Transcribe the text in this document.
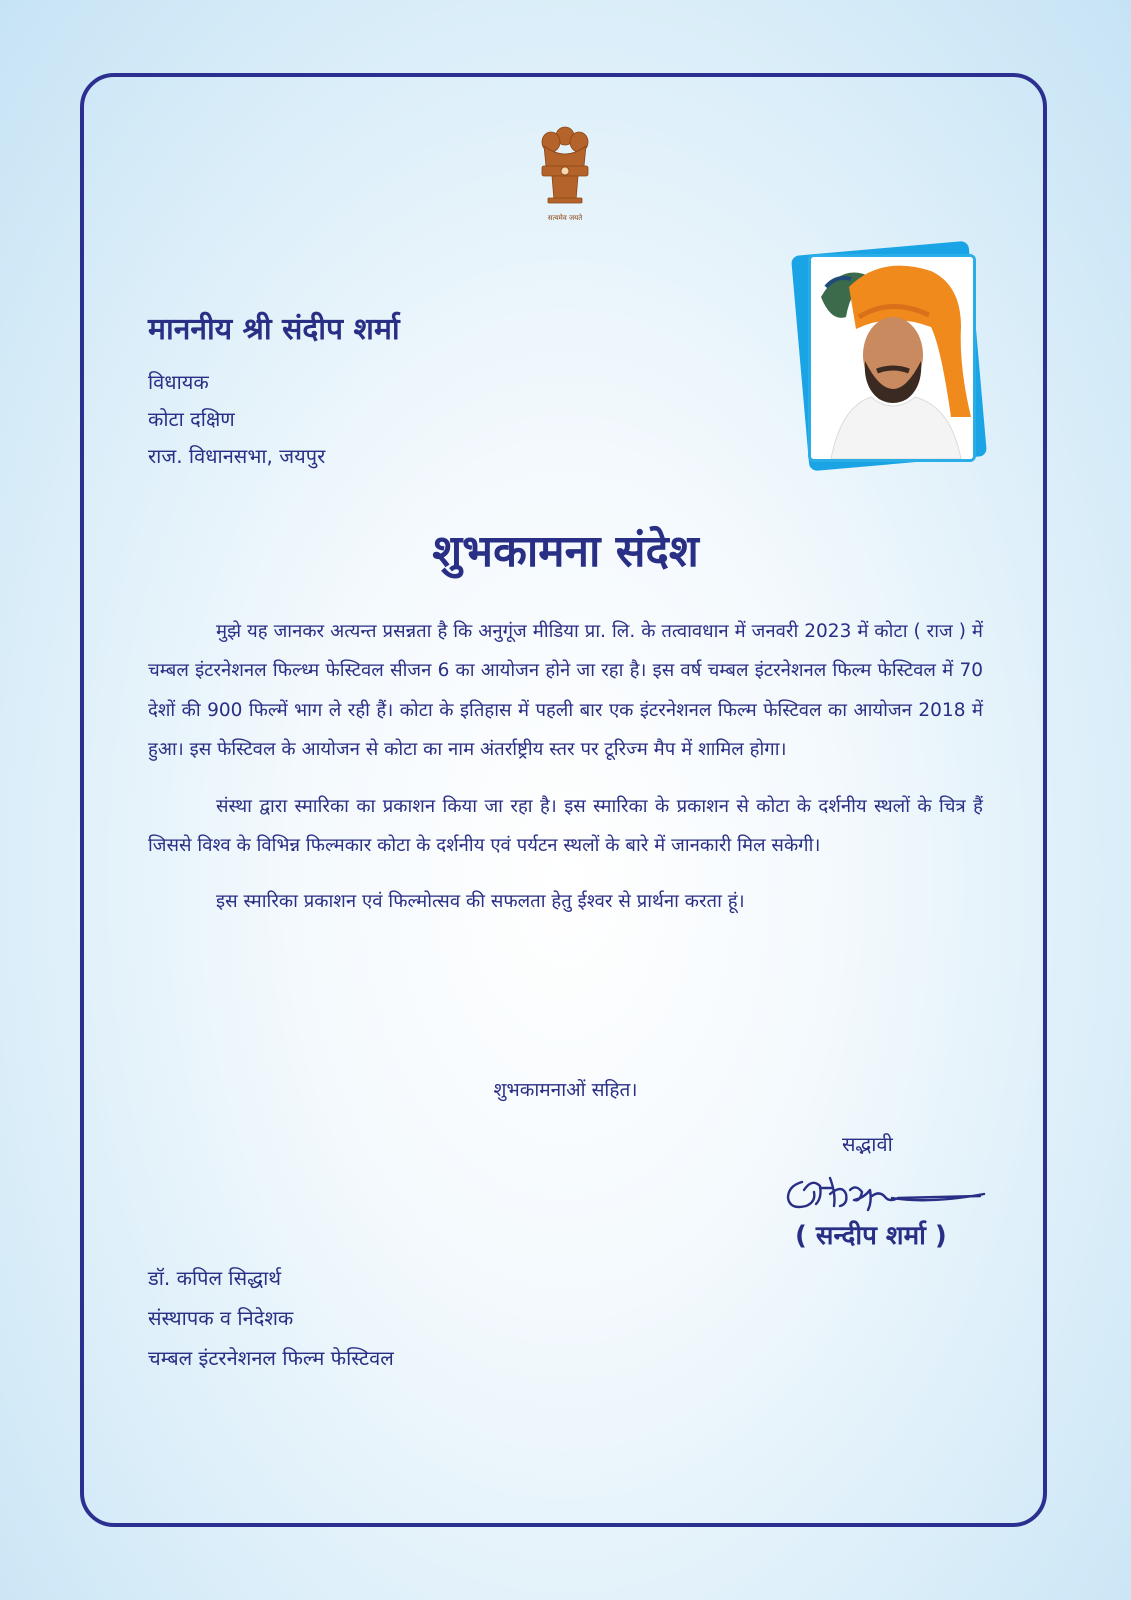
सत्यमेव जयते

माननीय श्री संदीप शर्मा

विधायक

कोटा दक्षिण

राज. विधानसभा, जयपुर

शुभकामना संदेश

मुझे यह जानकर अत्यन्त प्रसन्नता है कि अनुगूंज मीडिया प्रा. लि. के तत्वावधान में जनवरी 2023 में कोटा ( राज ) में चम्बल इंटरनेशनल फिल्ध्म फेस्टिवल सीजन 6 का आयोजन होने जा रहा है। इस वर्ष चम्बल इंटरनेशनल फिल्म फेस्टिवल में 70 देशों की 900 फिल्में भाग ले रही हैं। कोटा के इतिहास में पहली बार एक इंटरनेशनल फिल्म फेस्टिवल का आयोजन 2018 में हुआ। इस फेस्टिवल के आयोजन से कोटा का नाम अंतर्राष्ट्रीय स्तर पर टूरिज्म मैप में शामिल होगा।

संस्था द्वारा स्मारिका का प्रकाशन किया जा रहा है। इस स्मारिका के प्रकाशन से कोटा के दर्शनीय स्थलों के चित्र हैं जिससे विश्व के विभिन्न फिल्मकार कोटा के दर्शनीय एवं पर्यटन स्थलों के बारे में जानकारी मिल सकेगी।

इस स्मारिका प्रकाशन एवं फिल्मोत्सव की सफलता हेतु ईश्वर से प्रार्थना करता हूं।

शुभकामनाओं सहित।
सद्भावी
( सन्दीप शर्मा )

डॉ. कपिल सिद्धार्थ

संस्थापक व निदेशक

चम्बल इंटरनेशनल फिल्म फेस्टिवल
